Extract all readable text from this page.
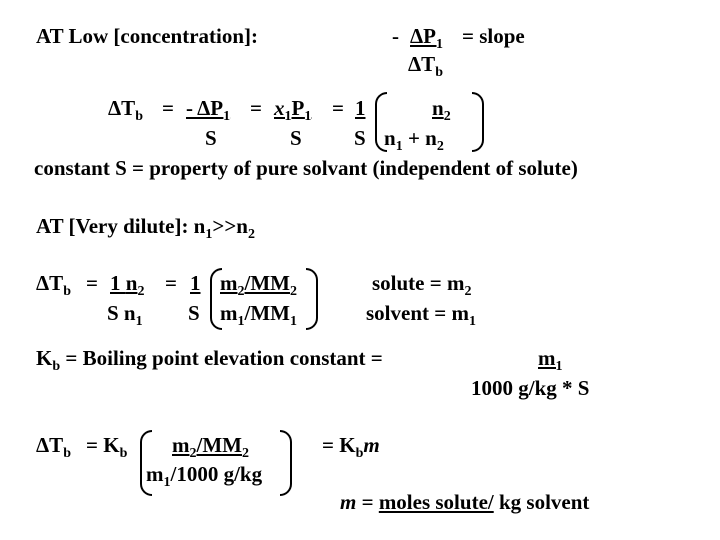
AT Low [concentration]:	- $\Delta P_1$ = slope
$\Delta T_b$
$\Delta T_b$ = - $\Delta P_1 = x_1P_1 = 1$	$n_2$
S	S S $n_1 + n_2$
constant S = property of pure solvant (independent of solute)
AT [Very dilute]: $n_1>>n_2$
$\Delta T_b = 1$ $n_2$
S $n_1$
= 1
S
$m_2/MM_2$
$m_1/MM_1$
solute = $m_2$
solvent = $m_1$
$K_b$ = Boiling point elevation constant =	$m_1$
1000 g/kg * S
$\Delta T_b = K_b$ $m_2/MM_2$
$m_1/1000$ g/kg
= $K_bm$
m = moles solute/ kg solvent
